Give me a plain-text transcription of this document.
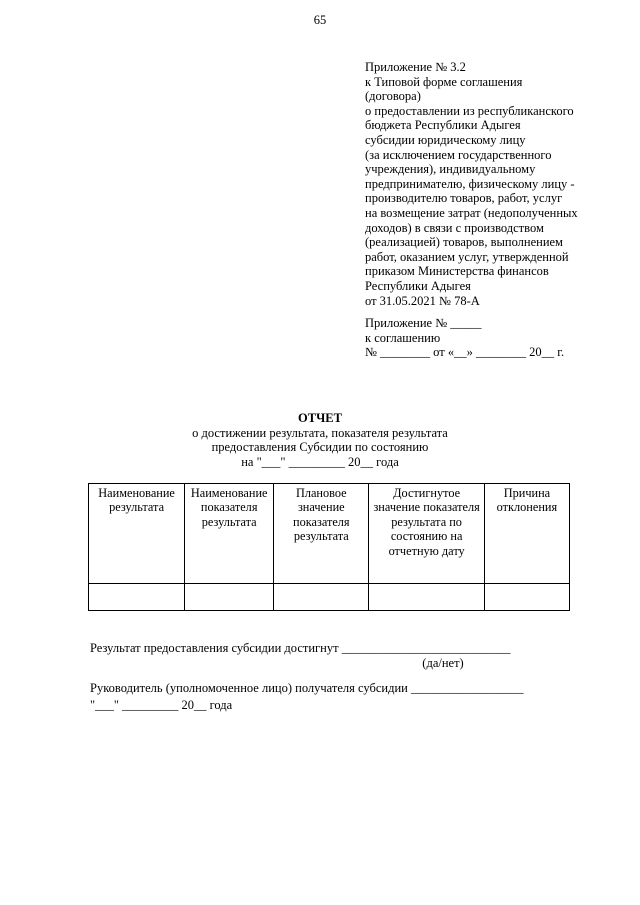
65
Приложение № 3.2
к Типовой форме соглашения (договора)
о предоставлении из республиканского
бюджета Республики Адыгея
субсидии юридическому лицу
(за исключением государственного
учреждения), индивидуальному
предпринимателю, физическому лицу -
производителю товаров, работ, услуг
на возмещение затрат (недополученных
доходов) в связи с производством
(реализацией) товаров, выполнением
работ, оказанием услуг, утвержденной
приказом Министерства финансов
Республики Адыгея
от 31.05.2021 № 78-А
Приложение № _____
к соглашению
№ ________ от «__» ________ 20__ г.
ОТЧЕТ
о достижении результата, показателя результата
предоставления Субсидии по состоянию
на "___" _________ 20__ года
Наименование результата	Наименование показателя результата	Плановое значение показателя результата	Достигнутое значение показателя результата по состоянию на отчетную дату	Причина отклонения

Результат предоставления субсидии достигнут ___________________________
(да/нет)
Руководитель (уполномоченное лицо) получателя субсидии __________________
"___" _________ 20__ года
